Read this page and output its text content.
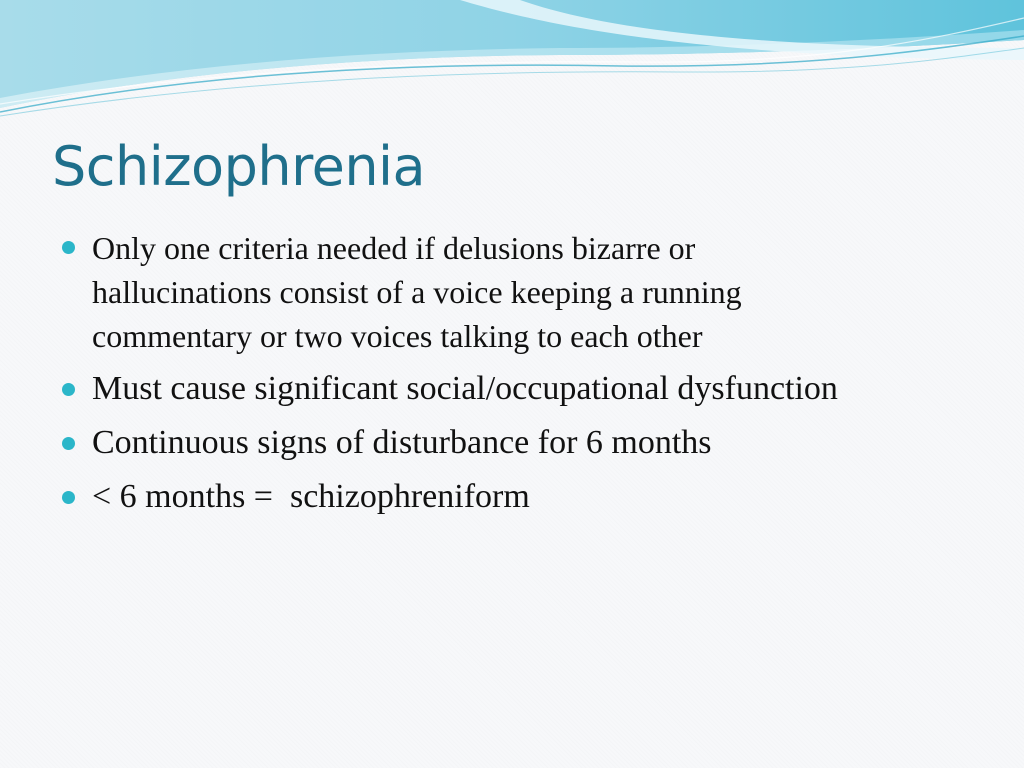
Schizophrenia
Only one criteria needed if delusions bizarre or hallucinations consist of a voice keeping a running commentary or two voices talking to each other
Must cause significant social/occupational dysfunction
Continuous signs of disturbance for 6 months
< 6 months =  schizophreniform
